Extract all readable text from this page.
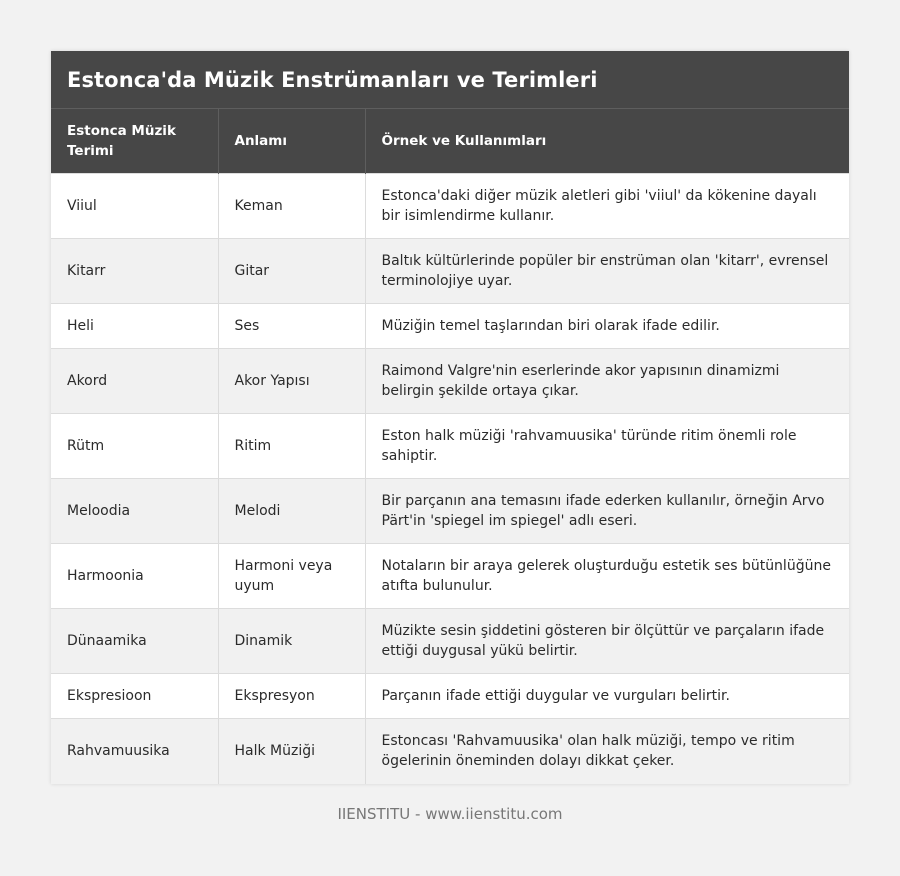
Estonca'da Müzik Enstrümanları ve Terimleri
Estonca Müzik Terimi	Anlamı	Örnek ve Kullanımları
Viiul	Keman	Estonca'daki diğer müzik aletleri gibi 'viiul' da kökenine dayalı bir isimlendirme kullanır.
Kitarr	Gitar	Baltık kültürlerinde popüler bir enstrüman olan 'kitarr', evrensel terminolojiye uyar.
Heli	Ses	Müziğin temel taşlarından biri olarak ifade edilir.
Akord	Akor Yapısı	Raimond Valgre'nin eserlerinde akor yapısının dinamizmi belirgin şekilde ortaya çıkar.
Rütm	Ritim	Eston halk müziği 'rahvamuusika' türünde ritim önemli role sahiptir.
Meloodia	Melodi	Bir parçanın ana temasını ifade ederken kullanılır, örneğin Arvo Pärt'in 'spiegel im spiegel' adlı eseri.
Harmoonia	Harmoni veya uyum	Notaların bir araya gelerek oluşturduğu estetik ses bütünlüğüne atıfta bulunulur.
Dünaamika	Dinamik	Müzikte sesin şiddetini gösteren bir ölçüttür ve parçaların ifade ettiği duygusal yükü belirtir.
Ekspresioon	Ekspresyon	Parçanın ifade ettiği duygular ve vurguları belirtir.
Rahvamuusika	Halk Müziği	Estoncası 'Rahvamuusika' olan halk müziği, tempo ve ritim ögelerinin öneminden dolayı dikkat çeker.
IIENSTITU - www.iienstitu.com
